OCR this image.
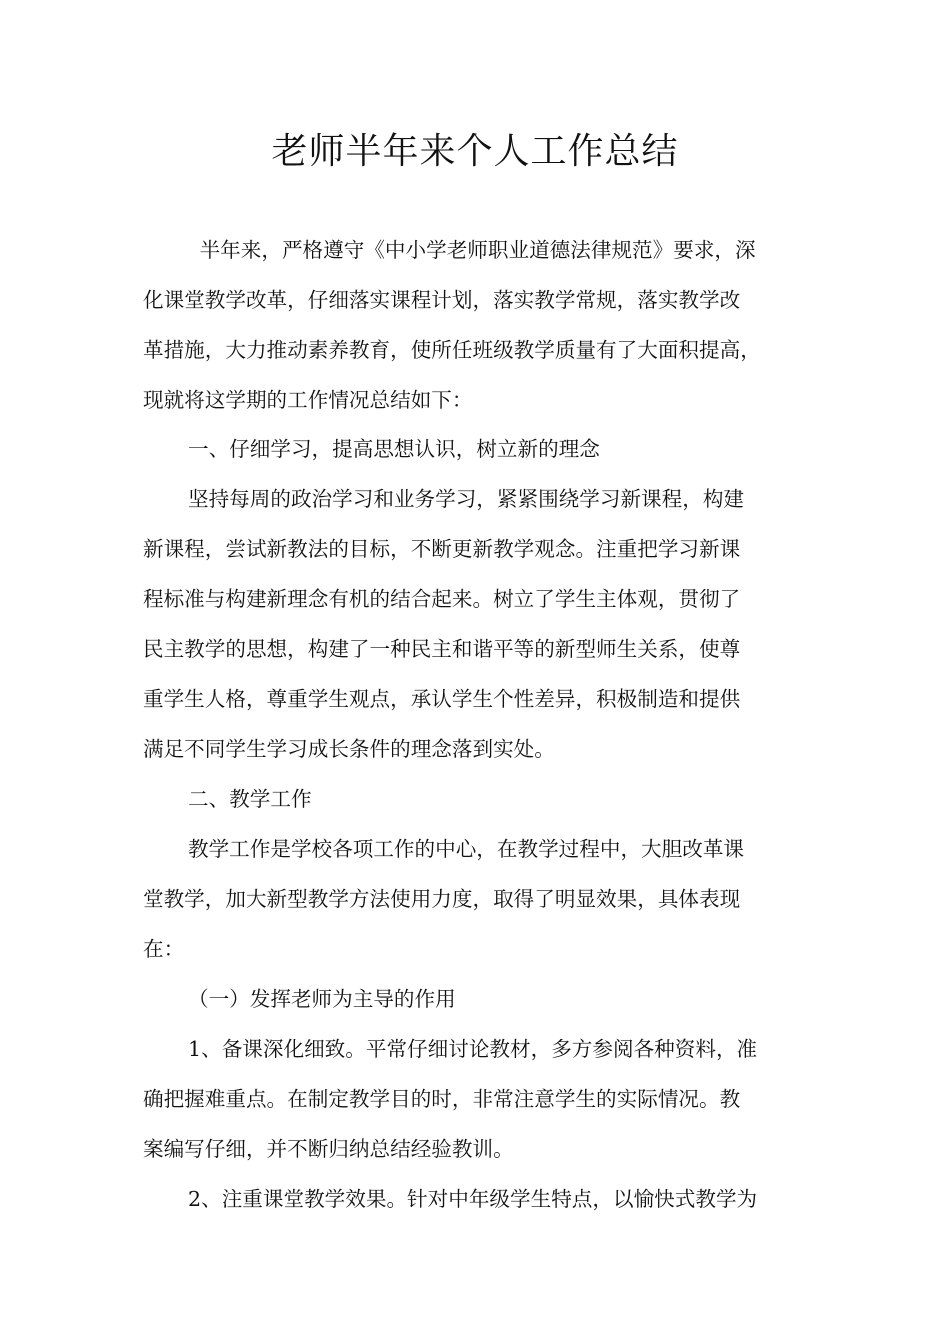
老师半年来个人工作总结
　半年来，严格遵守《中小学老师职业道德法律规范》要求，深
化课堂教学改革，仔细落实课程计划，落实教学常规，落实教学改
革措施，大力推动素养教育，使所任班级教学质量有了大面积提高，
现就将这学期的工作情况总结如下：
一、仔细学习，提高思想认识，树立新的理念
坚持每周的政治学习和业务学习，紧紧围绕学习新课程，构建
新课程，尝试新教法的目标，不断更新教学观念。注重把学习新课
程标准与构建新理念有机的结合起来。树立了学生主体观，贯彻了
民主教学的思想，构建了一种民主和谐平等的新型师生关系，使尊
重学生人格，尊重学生观点，承认学生个性差异，积极制造和提供
满足不同学生学习成长条件的理念落到实处。
二、教学工作
教学工作是学校各项工作的中心，在教学过程中，大胆改革课
堂教学，加大新型教学方法使用力度，取得了明显效果，具体表现
在：
（一）发挥老师为主导的作用
1、备课深化细致。平常仔细讨论教材，多方参阅各种资料，准
确把握难重点。在制定教学目的时，非常注意学生的实际情况。教
案编写仔细，并不断归纳总结经验教训。
2、注重课堂教学效果。针对中年级学生特点，以愉快式教学为
